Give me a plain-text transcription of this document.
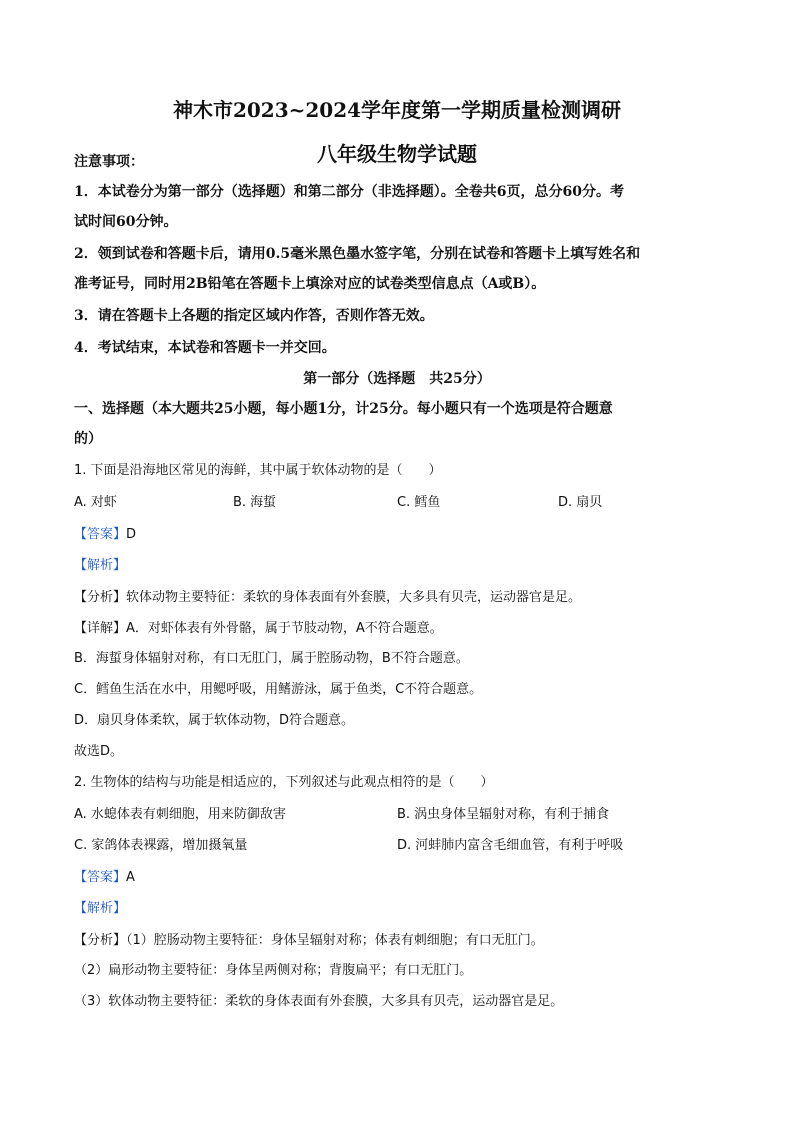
神木市2023~2024学年度第一学期质量检测调研
八年级生物学试题
注意事项：
1．本试卷分为第一部分（选择题）和第二部分（非选择题）。全卷共6页，总分60分。考
试时间60分钟。
2．领到试卷和答题卡后，请用0.5毫米黑色墨水签字笔，分别在试卷和答题卡上填写姓名和
准考证号，同时用2B铅笔在答题卡上填涂对应的试卷类型信息点（A或B）。
3．请在答题卡上各题的指定区域内作答，否则作答无效。
4．考试结束，本试卷和答题卡一并交回。
第一部分（选择题　共25分）
一、选择题（本大题共25小题，每小题1分，计25分。每小题只有一个选项是符合题意
的）
1. 下面是沿海地区常见的海鲜，其中属于软体动物的是（　　）
A. 对虾	B. 海蜇	C. 鳕鱼	D. 扇贝
【答案】D
【解析】
【分析】软体动物主要特征：柔软的身体表面有外套膜，大多具有贝壳，运动器官是足。
【详解】A．对虾体表有外骨骼，属于节肢动物，A不符合题意。
B．海蜇身体辐射对称，有口无肛门，属于腔肠动物，B不符合题意。
C．鳕鱼生活在水中，用鳃呼吸，用鳍游泳，属于鱼类，C不符合题意。
D．扇贝身体柔软，属于软体动物，D符合题意。
故选D。
2. 生物体的结构与功能是相适应的，下列叙述与此观点相符的是（　　）
A. 水螅体表有刺细胞，用来防御敌害	B. 涡虫身体呈辐射对称，有利于捕食
C. 家鸽体表裸露，增加摄氧量	D. 河蚌肺内富含毛细血管，有利于呼吸
【答案】A
【解析】
【分析】（1）腔肠动物主要特征：身体呈辐射对称；体表有刺细胞；有口无肛门。
（2）扁形动物主要特征：身体呈两侧对称；背腹扁平；有口无肛门。
（3）软体动物主要特征：柔软的身体表面有外套膜，大多具有贝壳，运动器官是足。
